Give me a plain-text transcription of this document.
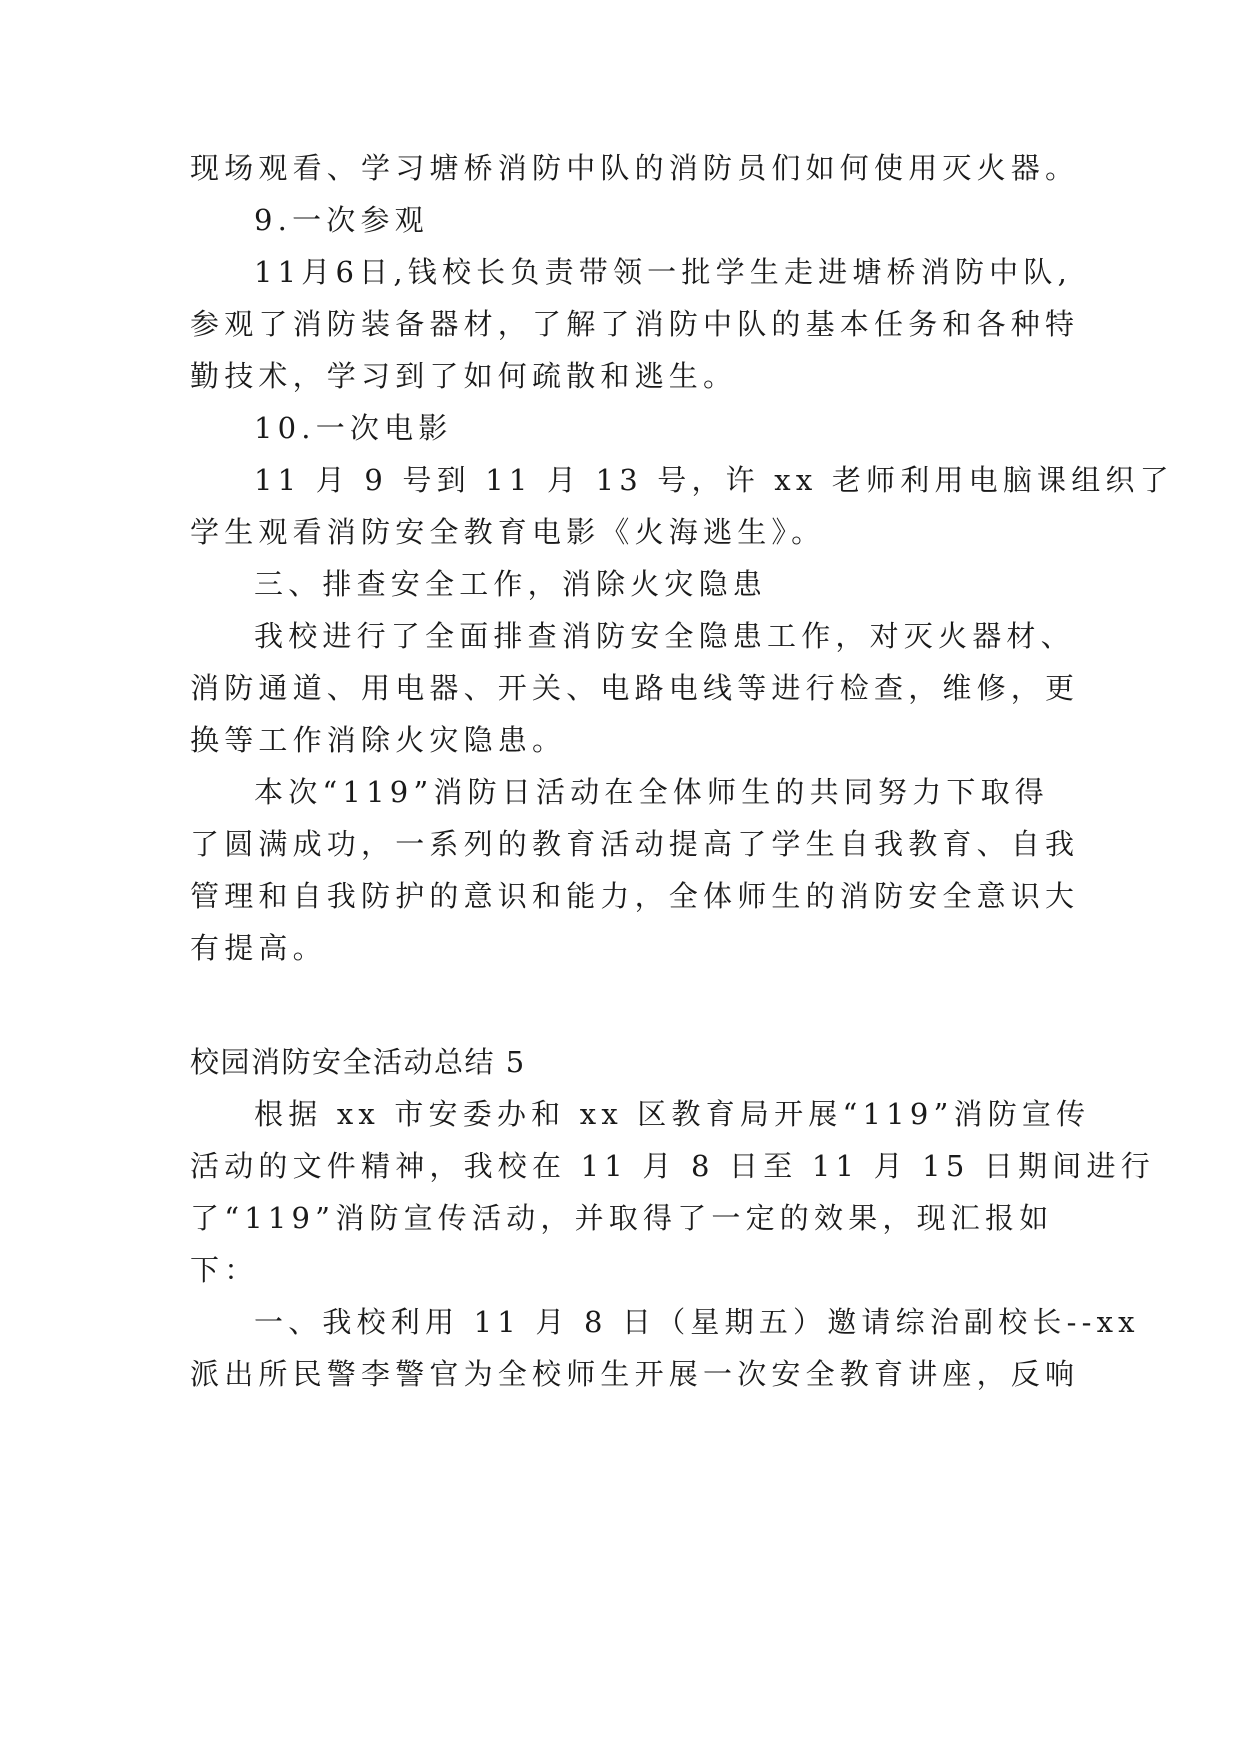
现场观看、学习塘桥消防中队的消防员们如何使用灭火器。
9.一次参观
11月6日,钱校长负责带领一批学生走进塘桥消防中队,
参观了消防装备器材，了解了消防中队的基本任务和各种特
勤技术，学习到了如何疏散和逃生。
10.一次电影
11 月 9 号到 11 月 13 号，许 xx 老师利用电脑课组织了
学生观看消防安全教育电影《火海逃生》。
三、排查安全工作，消除火灾隐患
我校进行了全面排查消防安全隐患工作，对灭火器材、
消防通道、用电器、开关、电路电线等进行检查，维修，更
换等工作消除火灾隐患。
本次“119”消防日活动在全体师生的共同努力下取得
了圆满成功，一系列的教育活动提高了学生自我教育、自我
管理和自我防护的意识和能力，全体师生的消防安全意识大
有提高。
校园消防安全活动总结 5
根据 xx 市安委办和 xx 区教育局开展“119”消防宣传
活动的文件精神，我校在 11 月 8 日至 11 月 15 日期间进行
了“119”消防宣传活动，并取得了一定的效果，现汇报如
下：
一、我校利用 11 月 8 日（星期五）邀请综治副校长--xx
派出所民警李警官为全校师生开展一次安全教育讲座，反响
